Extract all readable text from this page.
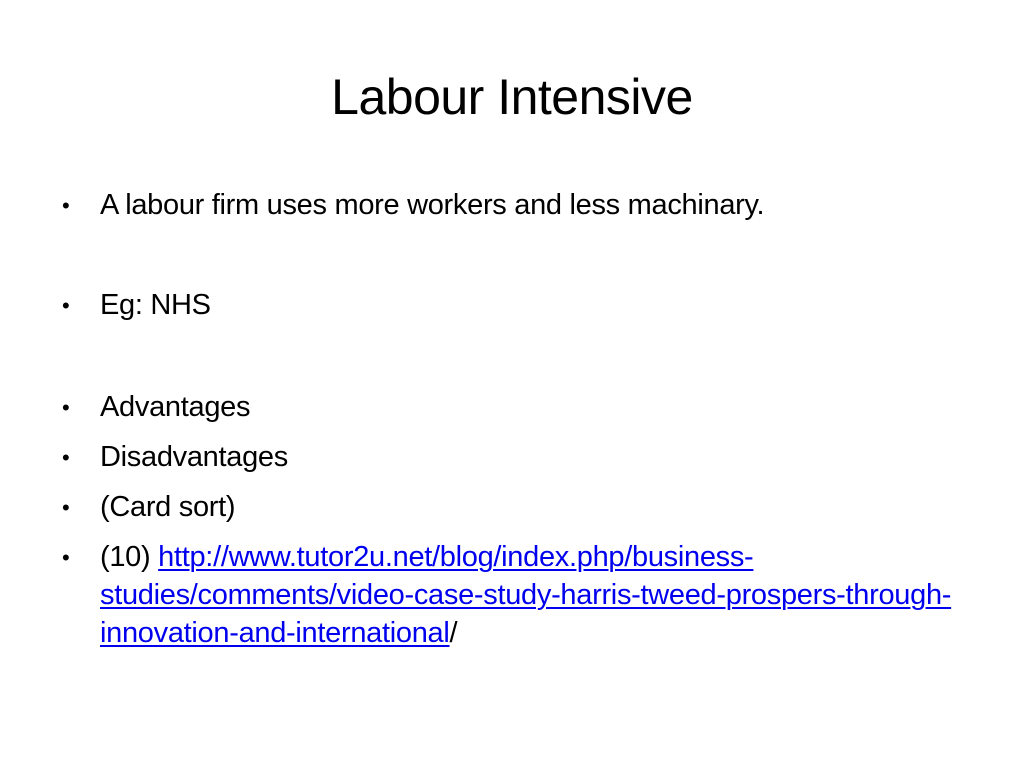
Labour Intensive
•	A labour firm uses more workers and less machinary.
•	Eg: NHS
•	Advantages
•	Disadvantages
•	(Card sort)
•	(10) http://www.tutor2u.net/blog/index.php/business-studies/comments/video-case-study-harris-tweed-prospers-through-innovation-and-international/
